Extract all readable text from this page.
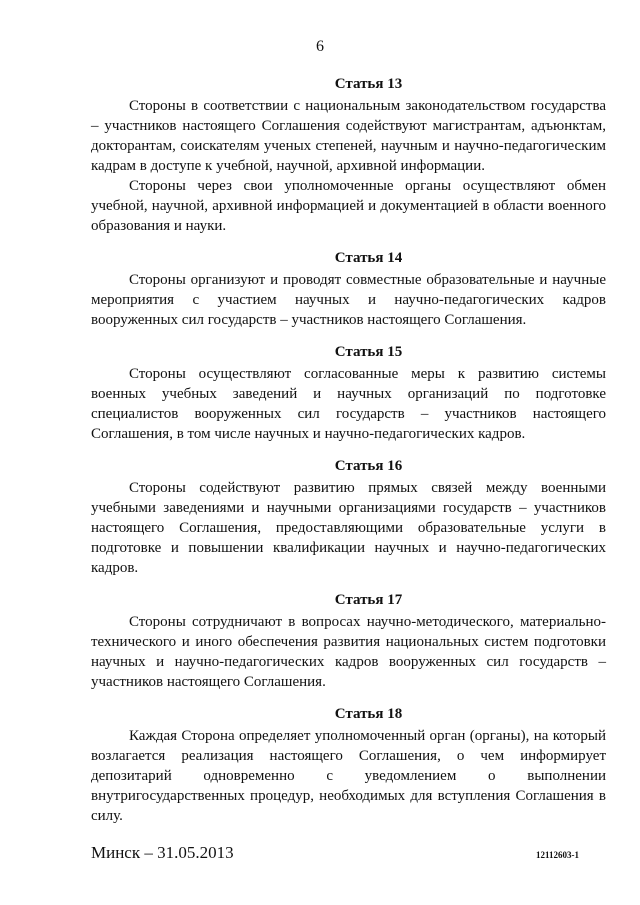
6
Статья 13

Стороны в соответствии с национальным законодательством государства – участников настоящего Соглашения содействуют магистрантам, адъюнктам, докторантам, соискателям ученых степеней, научным и научно-педагогическим кадрам в доступе к учебной, научной, архивной информации.

Стороны через свои уполномоченные органы осуществляют обмен учебной, научной, архивной информацией и документацией в области военного образования и науки.

Статья 14

Стороны организуют и проводят совместные образовательные и научные мероприятия с участием научных и научно-педагогических кадров вооруженных сил государств – участников настоящего Соглашения.

Статья 15

Стороны осуществляют согласованные меры к развитию системы военных учебных заведений и научных организаций по подготовке специалистов вооруженных сил государств – участников настоящего Соглашения, в том числе научных и научно-педагогических кадров.

Статья 16

Стороны содействуют развитию прямых связей между военными учебными заведениями и научными организациями государств – участников настоящего Соглашения, предоставляющими образовательные услуги в подготовке и повышении квалификации научных и научно-педагогических кадров.

Статья 17

Стороны сотрудничают в вопросах научно-методического, материально-технического и иного обеспечения развития национальных систем подготовки научных и научно-педагогических кадров вооруженных сил государств – участников настоящего Соглашения.

Статья 18

Каждая Сторона определяет уполномоченный орган (органы), на который возлагается реализация настоящего Соглашения, о чем информирует депозитарий одновременно с уведомлением о выполнении внутригосударственных процедур, необходимых для вступления Соглашения в силу.

Минск – 31.05.2013	12112603-1
